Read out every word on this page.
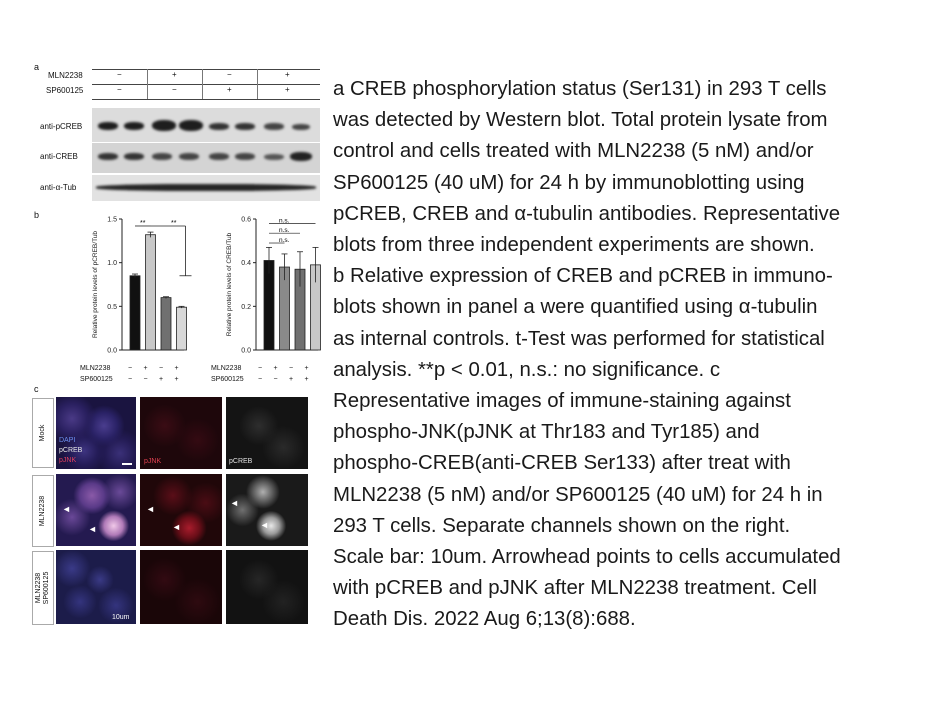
a
MLN2238
SP600125
−	+	−	+
−	−	+	+
anti-pCREB
anti-CREB
anti-α-Tub
b
0.0
0.5
1.0
1.5
Relative protein levels of pCREB/Tub
**	**
0.0
0.2
0.4
0.6
Relative protein levels of CREB/Tub
n.s.
n.s.
n.s.
MLN2238
SP600125
MLN2238
SP600125
− + − +
− − + +
− + − +
− − + +
c
Mock
MLN2238
MLN2238
SP600125
DAPI
pCREB
pJNK	pJNK	pCREB
◄
◄
◄
◄
◄
◄
10um

a CREB phosphorylation status (Ser131) in 293 T cells

was detected by Western blot. Total protein lysate from

control and cells treated with MLN2238 (5 nM) and/or

SP600125 (40 uM) for 24 h by immunoblotting using

pCREB, CREB and α-tubulin antibodies. Representative

blots from three independent experiments are shown.

b Relative expression of CREB and pCREB in immuno-

blots shown in panel a were quantified using α-tubulin

as internal controls. t-Test was performed for statistical

analysis. **p < 0.01, n.s.: no significance. c

Representative images of immune-staining against

phospho-JNK(pJNK at Thr183 and Tyr185) and

phospho-CREB(anti-CREB Ser133) after treat with

MLN2238 (5 nM) and/or SP600125 (40 uM) for 24 h in

293 T cells. Separate channels shown on the right.

Scale bar: 10um. Arrowhead points to cells accumulated

with pCREB and pJNK after MLN2238 treatment. Cell

Death Dis. 2022 Aug 6;13(8):688.
